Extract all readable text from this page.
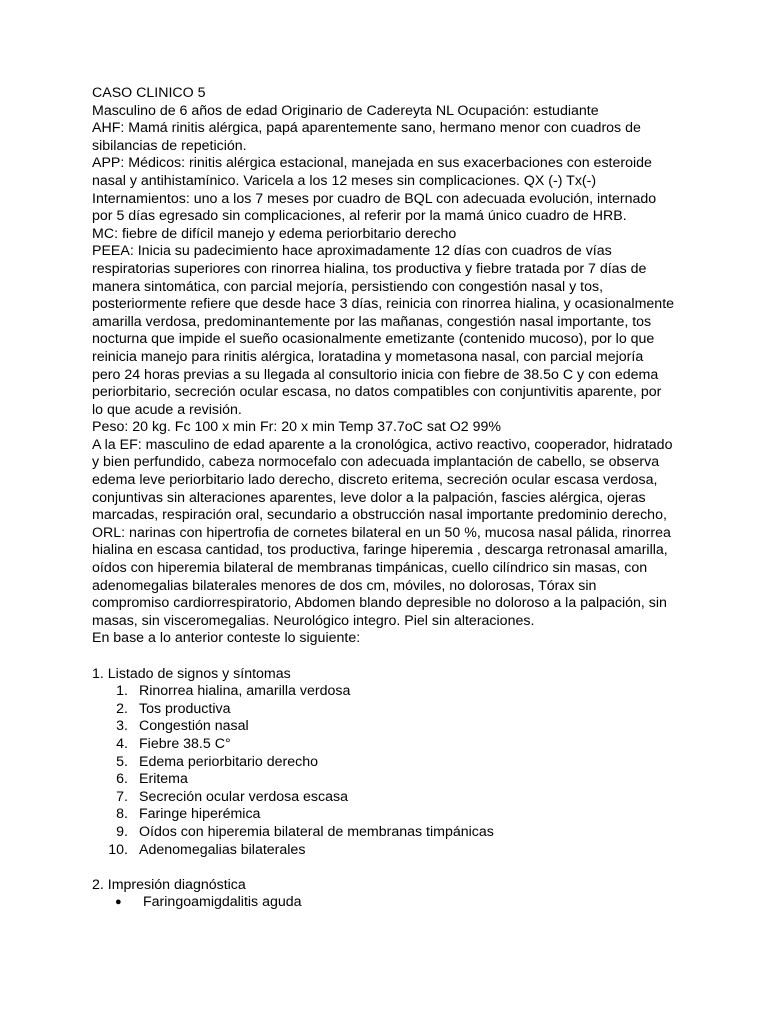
CASO CLINICO 5
Masculino de 6 años de edad Originario de Cadereyta NL Ocupación: estudiante
AHF: Mamá rinitis alérgica, papá aparentemente sano, hermano menor con cuadros de
sibilancias de repetición.
APP: Médicos: rinitis alérgica estacional, manejada en sus exacerbaciones con esteroide
nasal y antihistamínico. Varicela a los 12 meses sin complicaciones. QX (-) Tx(-)
Internamientos: uno a los 7 meses por cuadro de BQL con adecuada evolución, internado
por 5 días egresado sin complicaciones, al referir por la mamá único cuadro de HRB.
MC: fiebre de difícil manejo y edema periorbitario derecho
PEEA: Inicia su padecimiento hace aproximadamente 12 días con cuadros de vías
respiratorias superiores con rinorrea hialina, tos productiva y fiebre tratada por 7 días de
manera sintomática, con parcial mejoría, persistiendo con congestión nasal y tos,
posteriormente refiere que desde hace 3 días, reinicia con rinorrea hialina, y ocasionalmente
amarilla verdosa, predominantemente por las mañanas, congestión nasal importante, tos
nocturna que impide el sueño ocasionalmente emetizante (contenido mucoso), por lo que
reinicia manejo para rinitis alérgica, loratadina y mometasona nasal, con parcial mejoría
pero 24 horas previas a su llegada al consultorio inicia con fiebre de 38.5o C y con edema
periorbitario, secreción ocular escasa, no datos compatibles con conjuntivitis aparente, por
lo que acude a revisión.
Peso: 20 kg. Fc 100 x min Fr: 20 x min Temp 37.7oC sat O2 99%
A la EF: masculino de edad aparente a la cronológica, activo reactivo, cooperador, hidratado
y bien perfundido, cabeza normocefalo con adecuada implantación de cabello, se observa
edema leve periorbitario lado derecho, discreto eritema, secreción ocular escasa verdosa,
conjuntivas sin alteraciones aparentes, leve dolor a la palpación, fascies alérgica, ojeras
marcadas, respiración oral, secundario a obstrucción nasal importante predominio derecho,
ORL: narinas con hipertrofia de cornetes bilateral en un 50 %, mucosa nasal pálida, rinorrea
hialina en escasa cantidad, tos productiva, faringe hiperemia , descarga retronasal amarilla,
oídos con hiperemia bilateral de membranas timpánicas, cuello cilíndrico sin masas, con
adenomegalias bilaterales menores de dos cm, móviles, no dolorosas, Tórax sin
compromiso cardiorrespiratorio, Abdomen blando depresible no doloroso a la palpación, sin
masas, sin visceromegalias. Neurológico integro. Piel sin alteraciones.
En base a lo anterior conteste lo siguiente:
1. Listado de signos y síntomas
1. Rinorrea hialina, amarilla verdosa
2. Tos productiva
3. Congestión nasal
4. Fiebre 38.5 C°
5. Edema periorbitario derecho
6. Eritema
7. Secreción ocular verdosa escasa
8. Faringe hiperémica
9. Oídos con hiperemia bilateral de membranas timpánicas
10. Adenomegalias bilaterales
2. Impresión diagnóstica
● Faringoamigdalitis aguda
